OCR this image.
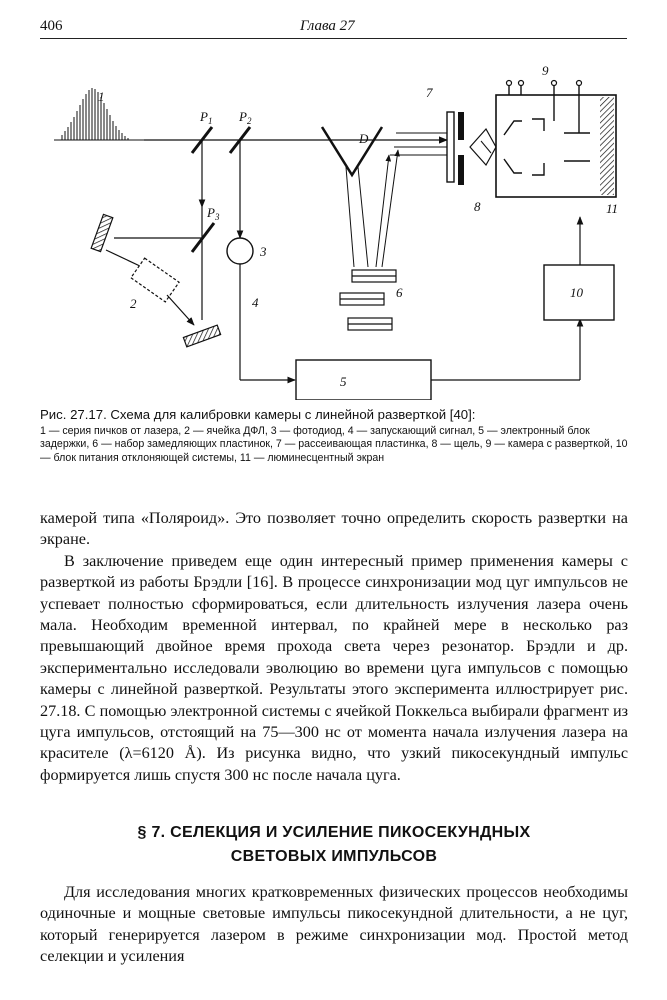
406	Глава 27
1
$P_1$ $P_2$
$P_3$
D
2
3
4
5
6
7
8
9
10
11
Рис. 27.17. Схема для калибровки камеры с линейной разверткой [40]:
1 — серия пичков от лазера, 2 — ячейка ДФЛ, 3 — фотодиод, 4 — запускающий сигнал, 5 — электронный блок задержки, 6 — набор замедляющих пластинок, 7 — рассеивающая пластинка, 8 — щель, 9 — камера с разверткой, 10 — блок питания отклоняющей системы, 11 — люминесцентный экран

камерой типа «Поляроид». Это позволяет точно определить скорость развертки на экране.

В заключение приведем еще один интересный пример применения камеры с разверткой из работы Брэдли [16]. В процессе синхронизации мод цуг импульсов не успевает полностью сформироваться, если длительность излучения лазера очень мала. Необходим временной интервал, по крайней мере в несколько раз превышающий двойное время прохода света через резонатор. Брэдли и др. экспериментально исследовали эволюцию во времени цуга импульсов с помощью камеры с линейной разверткой. Результаты этого эксперимента иллюстрирует рис. 27.18. С помощью электронной системы с ячейкой Поккельса выбирали фрагмент из цуга импульсов, отстоящий на 75—300 нс от момента начала излучения лазера на красителе (λ=6120 Å). Из рисунка видно, что узкий пикосекундный импульс формируется лишь спустя 300 нс после начала цуга.

§ 7. СЕЛЕКЦИЯ И УСИЛЕНИЕ ПИКОСЕКУНДНЫХ
СВЕТОВЫХ ИМПУЛЬСОВ

Для исследования многих кратковременных физических процессов необходимы одиночные и мощные световые импульсы пикосекундной длительности, а не цуг, который генерируется лазером в режиме синхронизации мод. Простой метод селекции и усиления
